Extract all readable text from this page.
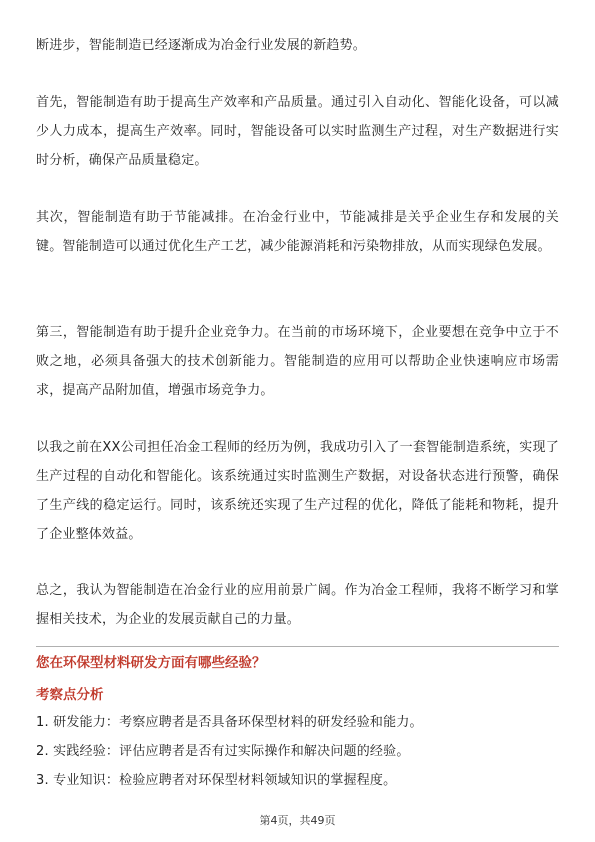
断进步，智能制造已经逐渐成为冶金行业发展的新趋势。

首先，智能制造有助于提高生产效率和产品质量。通过引入自动化、智能化设备，可以减少人力成本，提高生产效率。同时，智能设备可以实时监测生产过程，对生产数据进行实时分析，确保产品质量稳定。

其次，智能制造有助于节能减排。在冶金行业中，节能减排是关乎企业生存和发展的关键。智能制造可以通过优化生产工艺，减少能源消耗和污染物排放，从而实现绿色发展。

第三，智能制造有助于提升企业竞争力。在当前的市场环境下，企业要想在竞争中立于不败之地，必须具备强大的技术创新能力。智能制造的应用可以帮助企业快速响应市场需求，提高产品附加值，增强市场竞争力。

以我之前在XX公司担任冶金工程师的经历为例，我成功引入了一套智能制造系统，实现了生产过程的自动化和智能化。该系统通过实时监测生产数据，对设备状态进行预警，确保了生产线的稳定运行。同时，该系统还实现了生产过程的优化，降低了能耗和物耗，提升了企业整体效益。

总之，我认为智能制造在冶金行业的应用前景广阔。作为冶金工程师，我将不断学习和掌握相关技术，为企业的发展贡献自己的力量。

您在环保型材料研发方面有哪些经验？
考察点分析
1. 研发能力：考察应聘者是否具备环保型材料的研发经验和能力。
2. 实践经验：评估应聘者是否有过实际操作和解决问题的经验。
3. 专业知识：检验应聘者对环保型材料领域知识的掌握程度。
第4页，共49页
